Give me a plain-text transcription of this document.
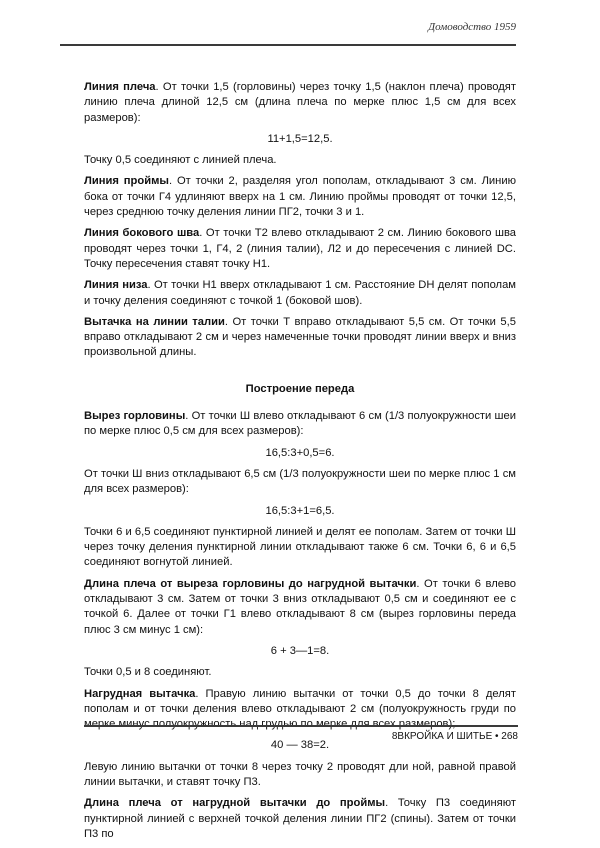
Домоводство 1959

Линия плеча. От точки 1,5 (горловины) через точку 1,5 (наклон плеча) проводят линию плеча длиной 12,5 см (длина плеча по мерке плюс 1,5 см для всех размеров):

11+1,5=12,5.

Точку 0,5 соединяют с линией плеча.

Линия проймы. От точки 2, разделяя угол пополам, откладывают 3 см. Линию бока от точки Г4 удлиняют вверх на 1 см. Линию проймы проводят от точки 12,5, через среднюю точку деления линии ПГ2, точки 3 и 1.

Линия бокового шва. От точки Т2 влево откладывают 2 см. Линию бокового шва проводят через точки 1, Г4, 2 (линия талии), Л2 и до пересечения с линией DC. Точку пересечения ставят точку Н1.

Линия низа. От точки Н1 вверх откладывают 1 см. Расстояние DH делят пополам и точку деления соединяют с точкой 1 (боковой шов).

Вытачка на линии талии. От точки Т вправо откладывают 5,5 см. От точки 5,5 вправо откладывают 2 см и через намеченные точки проводят линии вверх и вниз произвольной длины.

Построение переда

Вырез горловины. От точки Ш влево откладывают 6 см (1/3 полуокружности шеи по мерке плюс 0,5 см для всех размеров):

16,5:3+0,5=6.

От точки Ш вниз откладывают 6,5 см (1/3 полуокружности шеи по мерке плюс 1 см для всех размеров):

16,5:3+1=6,5.

Точки 6 и 6,5 соединяют пунктирной линией и делят ее пополам. Затем от точки Ш через точку деления пунктирной линии откладывают также 6 см. Точки 6, 6 и 6,5 соединяют вогнутой линией.

Длина плеча от выреза горловины до нагрудной вытачки. От точки 6 влево откладывают 3 см. Затем от точки 3 вниз откладывают 0,5 см и соединяют ее с точкой 6. Далее от точки Г1 влево откладывают 8 см (вырез горловины переда плюс 3 см минус 1 см):

6 + 3—1=8.

Точки 0,5 и 8 соединяют.

Нагрудная вытачка. Правую линию вытачки от точки 0,5 до точки 8 делят пополам и от точки деления влево откладывают 2 см (полуокружность груди по мерке минус полуокружность над грудью по мерке для всех размеров);

40 — 38=2.

Левую линию вытачки от точки 8 через точку 2 проводят дли ной, равной правой линии вытачки, и ставят точку П3.

Длина плеча от нагрудной вытачки до проймы. Точку П3 соединяют пунктирной линией с верхней точкой деления линии ПГ2 (спины). Затем от точки П3 по

8ВКРОЙКА И ШИТЬЕ • 268
